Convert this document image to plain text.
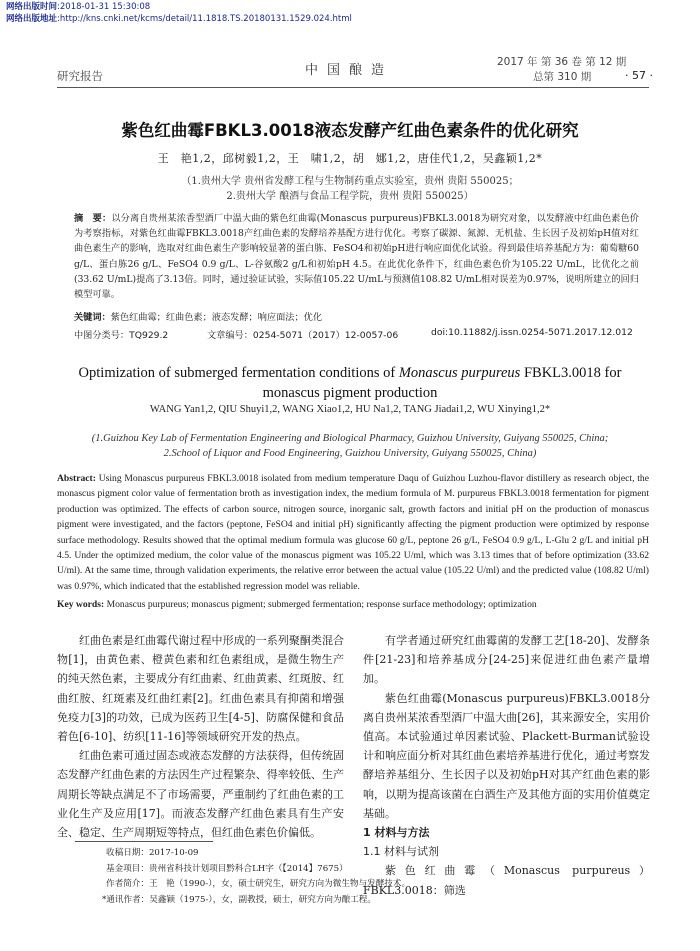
网络出版时间:2018-01-31 15:30:08
网络出版地址:http://kns.cnki.net/kcms/detail/11.1818.TS.20180131.1529.024.html
研究报告	中国酿造
2017 年 第 36 卷 第 12 期
总第 310 期	· 57 ·
紫色红曲霉FBKL3.0018液态发酵产红曲色素条件的优化研究
王　艳1,2，邱树毅1,2，王　啸1,2，胡　娜1,2，唐佳代1,2，吴鑫颖1,2*
（1.贵州大学 贵州省发酵工程与生物制药重点实验室，贵州 贵阳 550025；
2.贵州大学 酿酒与食品工程学院，贵州 贵阳 550025）
摘　要：以分离自贵州某浓香型酒厂中温大曲的紫色红曲霉(Monascus purpureus)FBKL3.0018为研究对象，以发酵液中红曲色素色价为考察指标，对紫色红曲霉FBKL3.0018产红曲色素的发酵培养基配方进行优化。考察了碳源、氮源、无机盐、生长因子及初始pH值对红曲色素生产的影响，选取对红曲色素生产影响较显著的蛋白胨、FeSO4和初始pH进行响应面优化试验。得到最佳培养基配方为：葡萄糖60 g/L、蛋白胨26 g/L、FeSO4 0.9 g/L、L-谷氨酸2 g/L和初始pH 4.5。在此优化条件下，红曲色素色价为105.22 U/mL，比优化之前(33.62 U/mL)提高了3.13倍。同时，通过验证试验，实际值105.22 U/mL与预测值108.82 U/mL相对误差为0.97%，说明所建立的回归模型可靠。
关键词：紫色红曲霉；红曲色素；液态发酵；响应面法；优化
中图分类号：TQ929.2	文章编号：0254-5071（2017）12-0057-06	doi:10.11882/j.issn.0254-5071.2017.12.012
Optimization of submerged fermentation conditions of Monascus purpureus FBKL3.0018 for monascus pigment production
WANG Yan1,2, QIU Shuyi1,2, WANG Xiao1,2, HU Na1,2, TANG Jiadai1,2, WU Xinying1,2*
(1.Guizhou Key Lab of Fermentation Engineering and Biological Pharmacy, Guizhou University, Guiyang 550025, China;
2.School of Liquor and Food Engineering, Guizhou University, Guiyang 550025, China)
Abstract: Using Monascus purpureus FBKL3.0018 isolated from medium temperature Daqu of Guizhou Luzhou-flavor distillery as research object, the monascus pigment color value of fermentation broth as investigation index, the medium formula of M. purpureus FBKL3.0018 fermentation for pigment production was optimized. The effects of carbon source, nitrogen source, inorganic salt, growth factors and initial pH on the production of monascus pigment were investigated, and the factors (peptone, FeSO4 and initial pH) significantly affecting the pigment production were optimized by response surface methodology. Results showed that the optimal medium formula was glucose 60 g/L, peptone 26 g/L, FeSO4 0.9 g/L, L-Glu 2 g/L and initial pH 4.5. Under the optimized medium, the color value of the monascus pigment was 105.22 U/ml, which was 3.13 times that of before optimization (33.62 U/ml). At the same time, through validation experiments, the relative error between the actual value (105.22 U/ml) and the predicted value (108.82 U/ml) was 0.97%, which indicated that the established regression model was reliable.
Key words: Monascus purpureus; monascus pigment; submerged fermentation; response surface methodology; optimization

红曲色素是红曲霉代谢过程中形成的一系列聚酮类混合物[1]，由黄色素、橙黄色素和红色素组成，是微生物生产的纯天然色素，主要成分有红曲素、红曲黄素、红斑胺、红曲红胺、红斑素及红曲红素[2]。红曲色素具有抑菌和增强免疫力[3]的功效，已成为医药卫生[4-5]、防腐保健和食品着色[6-10]、纺织[11-16]等领域研究开发的热点。

红曲色素可通过固态或液态发酵的方法获得，但传统固态发酵产红曲色素的方法因生产过程繁杂、得率较低、生产周期长等缺点满足不了市场需要，严重制约了红曲色素的工业化生产及应用[17]。而液态发酵产红曲色素具有生产安全、稳定、生产周期短等特点，但红曲色素色价偏低。

有学者通过研究红曲霉菌的发酵工艺[18-20]、发酵条件[21-23]和培养基成分[24-25]来促进红曲色素产量增加。

紫色红曲霉(Monascus purpureus)FBKL3.0018分离自贵州某浓香型酒厂中温大曲[26]，其来源安全，实用价值高。本试验通过单因素试验、Plackett-Burman试验设计和响应面分析对其红曲色素培养基进行优化，通过考察发酵培养基组分、生长因子以及初始pH对其产红曲色素的影响，以期为提高该菌在白酒生产及其他方面的实用价值奠定基础。

1 材料与方法
1.1 材料与试剂

紫色红曲霉（Monascus purpureus）FBKL3.0018：筛选

收稿日期：2017-10-09
基金项目：贵州省科技计划项目黔科合LH字（【2014】7675）
作者简介：王　艳（1990-），女，硕士研究生，研究方向为微生物与发酵技术。
*通讯作者：吴鑫颖（1975-），女，副教授，硕士，研究方向为酿工程。
